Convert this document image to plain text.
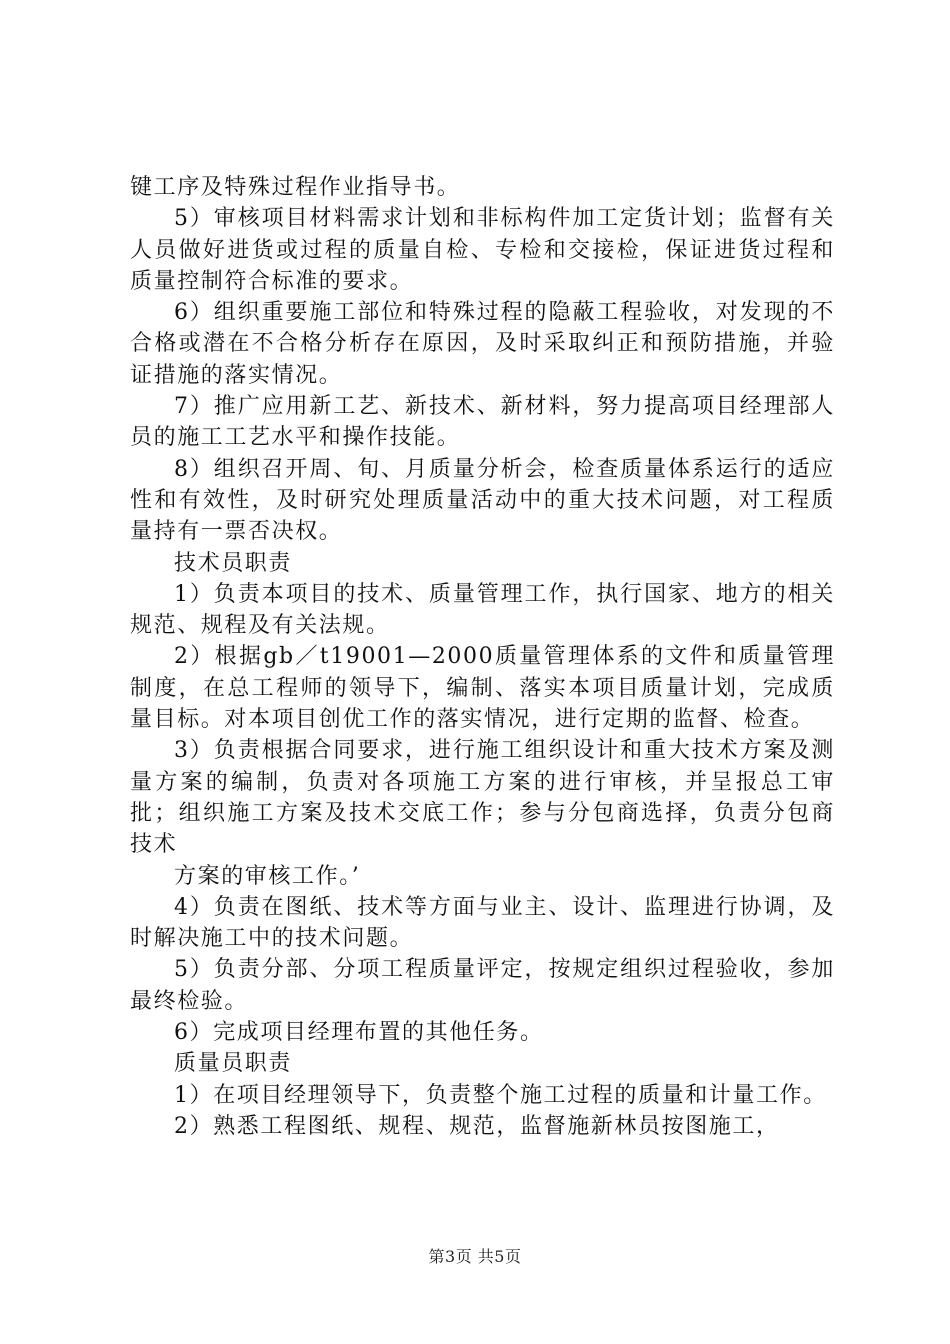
键工序及特殊过程作业指导书。

5）审核项目材料需求计划和非标构件加工定货计划；监督有关人员做好进货或过程的质量自检、专检和交接检，保证进货过程和质量控制符合标准的要求。

6）组织重要施工部位和特殊过程的隐蔽工程验收，对发现的不合格或潜在不合格分析存在原因，及时采取纠正和预防措施，并验证措施的落实情况。

7）推广应用新工艺、新技术、新材料，努力提高项目经理部人员的施工工艺水平和操作技能。

8）组织召开周、旬、月质量分析会，检查质量体系运行的适应性和有效性，及时研究处理质量活动中的重大技术问题，对工程质量持有一票否决权。

技术员职责

1）负责本项目的技术、质量管理工作，执行国家、地方的相关规范、规程及有关法规。

2）根据gb／t19001—2000质量管理体系的文件和质量管理制度，在总工程师的领导下，编制、落实本项目质量计划，完成质量目标。对本项目创优工作的落实情况，进行定期的监督、检查。

3）负责根据合同要求，进行施工组织设计和重大技术方案及测量方案的编制，负责对各项施工方案的进行审核，并呈报总工审批；组织施工方案及技术交底工作；参与分包商选择，负责分包商技术

方案的审核工作。’

4）负责在图纸、技术等方面与业主、设计、监理进行协调，及时解决施工中的技术问题。

5）负责分部、分项工程质量评定，按规定组织过程验收，参加最终检验。

6）完成项目经理布置的其他任务。

质量员职责

1）在项目经理领导下，负责整个施工过程的质量和计量工作。

2）熟悉工程图纸、规程、规范，监督施新林员按图施工，

第3页 共5页
